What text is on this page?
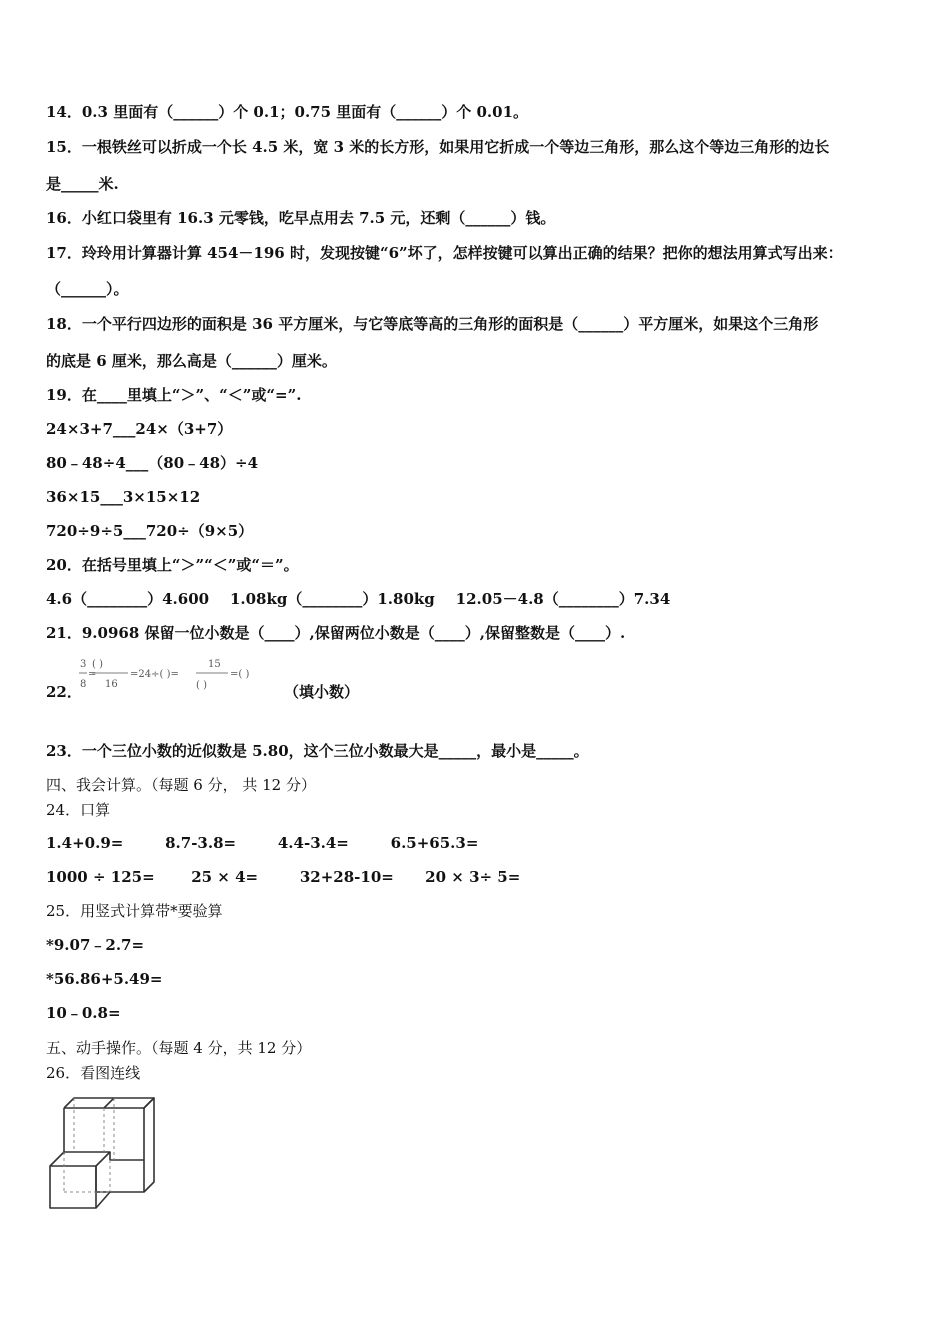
14．0.3 里面有（______）个 0.1；0.75 里面有（______）个 0.01。
15．一根铁丝可以折成一个长 4.5 米，宽 3 米的长方形，如果用它折成一个等边三角形，那么这个等边三角形的边长
是_____米.
16．小红口袋里有 16.3 元零钱，吃早点用去 7.5 元，还剩（______）钱。
17．玲玲用计算器计算 454－196 时，发现按键“6”坏了，怎样按键可以算出正确的结果？把你的想法用算式写出来：
（______）。
18．一个平行四边形的面积是 36 平方厘米，与它等底等高的三角形的面积是（______）平方厘米，如果这个三角形
的底是 6 厘米，那么高是（______）厘米。
19．在____里填上“＞”、“＜”或“=”.
24×3+7___24×（3+7）
80﹣48÷4___（80﹣48）÷4
36×15___3×15×12
720÷9÷5___720÷（9×5）
20．在括号里填上“＞”“＜”或“＝”。
4.6（________）4.600    1.08kg（________）1.80kg    12.05－4.8（________）7.34
21．9.0968 保留一位小数是（____）,保留两位小数是（____）,保留整数是（____）.
22．
3
8
=
( )
16
=24÷( )=
15
( )
=( )
（填小数）
23．一个三位小数的近似数是 5.80，这个三位小数最大是_____，最小是_____。
四、我会计算。（每题 6 分， 共 12 分）
24．口算
1.4+0.9=        8.7-3.8=        4.4-3.4=        6.5+65.3=
1000 ÷ 125=       25 × 4=        32+28-10=      20 × 3÷ 5=
25．用竖式计算带*要验算
*9.07﹣2.7=
*56.86+5.49=
10﹣0.8=
五、动手操作。（每题 4 分，共 12 分）
26．看图连线
